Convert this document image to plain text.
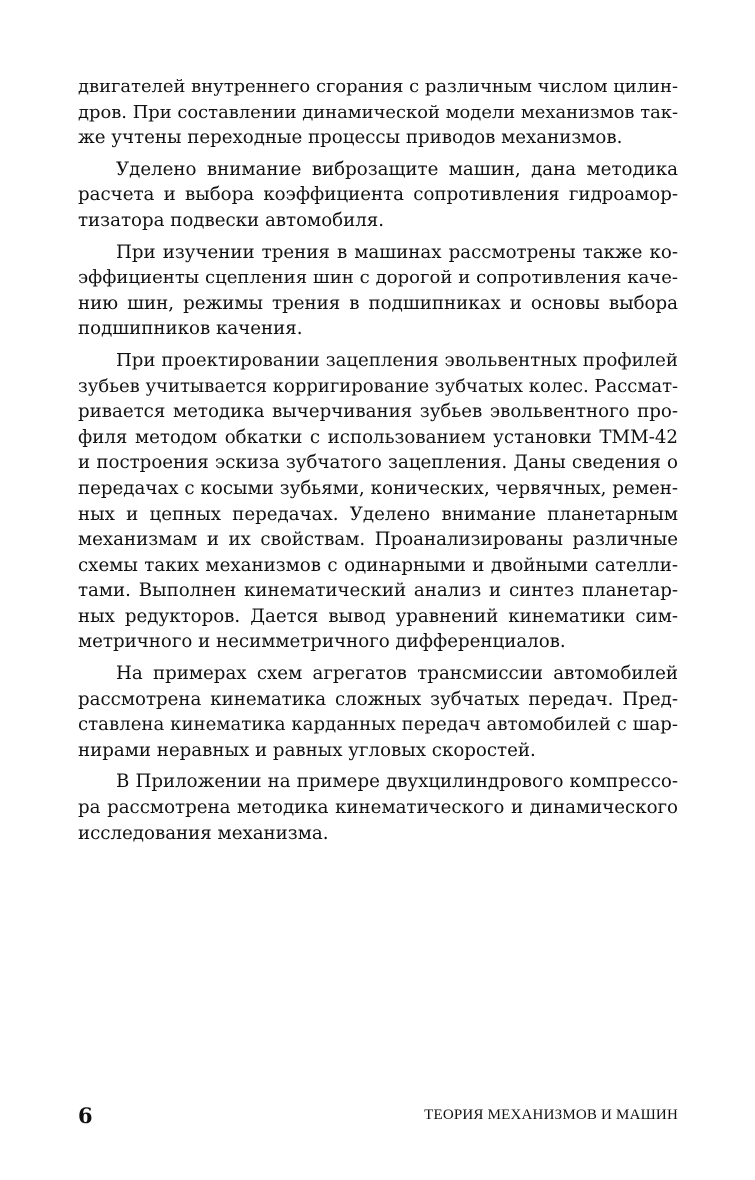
двигателей внутреннего сгорания с различным числом цилин-
дров. При составлении динамической модели механизмов так-
же учтены переходные процессы приводов механизмов.

Уделено внимание виброзащите машин, дана методика
расчета и выбора коэффициента сопротивления гидроамор-
тизатора подвески автомобиля.

При изучении трения в машинах рассмотрены также ко-
эффициенты сцепления шин с дорогой и сопротивления каче-
нию шин, режимы трения в подшипниках и основы выбора
подшипников качения.

При проектировании зацепления эвольвентных профилей
зубьев учитывается корригирование зубчатых колес. Рассмат-
ривается методика вычерчивания зубьев эвольвентного про-
филя методом обкатки с использованием установки ТММ-42
и построения эскиза зубчатого зацепления. Даны сведения о
передачах с косыми зубьями, конических, червячных, ремен-
ных и цепных передачах. Уделено внимание планетарным
механизмам и их свойствам. Проанализированы различные
схемы таких механизмов с одинарными и двойными сателли-
тами. Выполнен кинематический анализ и синтез планетар-
ных редукторов. Дается вывод уравнений кинематики сим-
метричного и несимметричного дифференциалов.

На примерах схем агрегатов трансмиссии автомобилей
рассмотрена кинематика сложных зубчатых передач. Пред-
ставлена кинематика карданных передач автомобилей с шар-
нирами неравных и равных угловых скоростей.

В Приложении на примере двухцилиндрового компрессо-
ра рассмотрена методика кинематического и динамического
исследования механизма.

6	ТЕОРИЯ МЕХАНИЗМОВ И МАШИН
